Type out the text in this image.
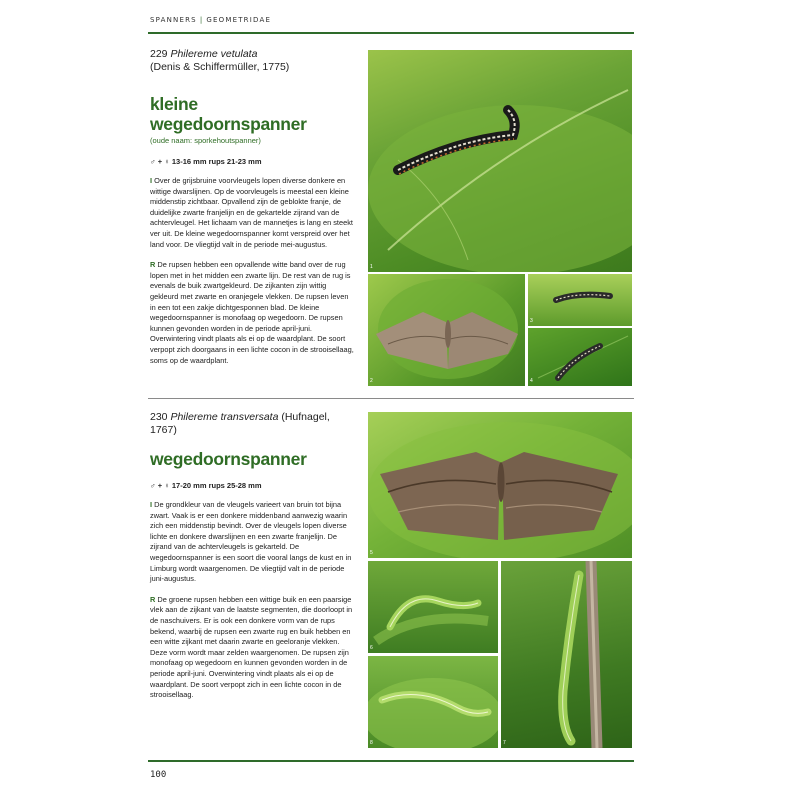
SPANNERS | GEOMETRIDAE
229 Philereme vetulata
(Denis & Schiffermüller, 1775)
kleine wegedoornspanner
(oude naam: sporkehoutspanner)
♂ + ♀ 13-16 mm rups 21-23 mm

I Over de grijsbruine voorvleugels lopen diverse donkere en wittige dwarslijnen. Op de voorvleugels is meestal een kleine middenstip zichtbaar. Opvallend zijn de geblokte franje, de duidelijke zwarte franjelijn en de gekartelde zijrand van de achtervleugel. Het lichaam van de mannetjes is lang en steekt ver uit. De kleine wegedoornspanner komt verspreid over het land voor. De vliegtijd valt in de periode mei-augustus.

R De rupsen hebben een opvallende witte band over de rug lopen met in het midden een zwarte lijn. De rest van de rug is evenals de buik zwartgekleurd. De zijkanten zijn wittig gekleurd met zwarte en oranjegele vlekken. De rupsen leven in een tot een zakje dichtgesponnen blad. De kleine wegedoornspanner is monofaag op wegedoorn. De rupsen kunnen gevonden worden in de periode april-juni. Overwintering vindt plaats als ei op de waardplant. De soort verpopt zich doorgaans in een lichte cocon in de strooisellaag, soms op de waardplant.

1
2
3
4
230 Philereme transversata (Hufnagel, 1767)
wegedoornspanner
♂ + ♀ 17-20 mm rups 25-28 mm

I De grondkleur van de vleugels varieert van bruin tot bijna zwart. Vaak is er een donkere middenband aanwezig waarin zich een middenstip bevindt. Over de vleugels lopen diverse lichte en donkere dwarslijnen en een zwarte franjelijn. De zijrand van de achtervleugels is gekarteld. De wegedoornspanner is een soort die vooral langs de kust en in Limburg wordt waargenomen. De vliegtijd valt in de periode juni-augustus.

R De groene rupsen hebben een wittige buik en een paarsige vlek aan de zijkant van de laatste segmenten, die doorloopt in de naschuivers. Er is ook een donkere vorm van de rups bekend, waarbij de rupsen een zwarte rug en buik hebben en een witte zijkant met daarin zwarte en geeloranje vlekken. Deze vorm wordt maar zelden waargenomen. De rupsen zijn monofaag op wegedoorn en kunnen gevonden worden in de periode april-juni. Overwintering vindt plaats als ei op de waardplant. De soort verpopt zich in een lichte cocon in de strooisellaag.

5
6
7
8
100
